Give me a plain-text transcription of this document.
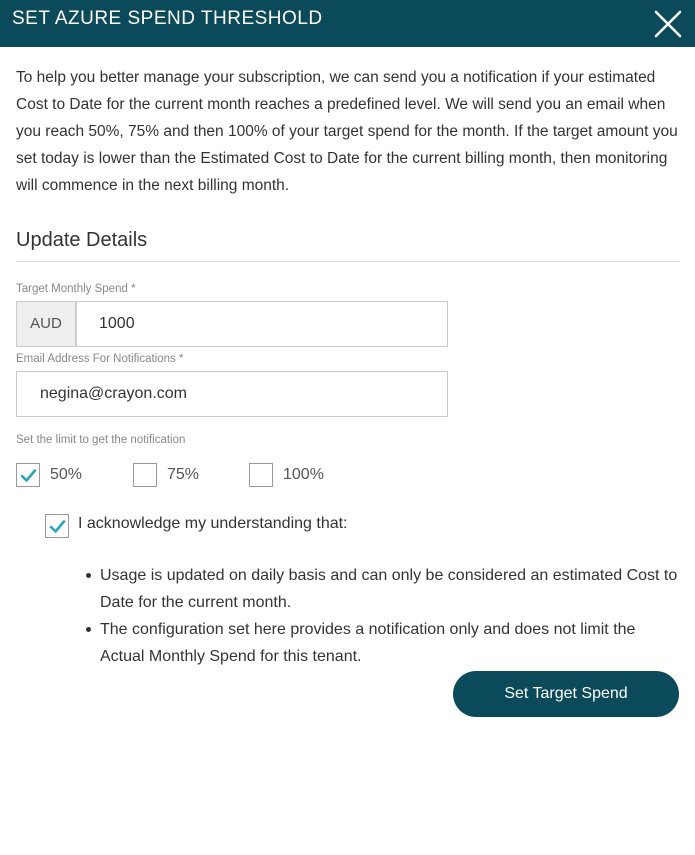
SET AZURE SPEND THRESHOLD
To help you better manage your subscription, we can send you a notification if your estimated Cost to Date for the current month reaches a predefined level. We will send you an email when you reach 50%, 75% and then 100% of your target spend for the month. If the target amount you set today is lower than the Estimated Cost to Date for the current billing month, then monitoring will commence in the next billing month.
Update Details
Target Monthly Spend *
AUD
1000
Email Address For Notifications *
negina@crayon.com
Set the limit to get the notification
50%	75%	100%
I acknowledge my understanding that:
Usage is updated on daily basis and can only be considered an estimated Cost to Date for the current month.
The configuration set here provides a notification only and does not limit the Actual Monthly Spend for this tenant.
Set Target Spend
